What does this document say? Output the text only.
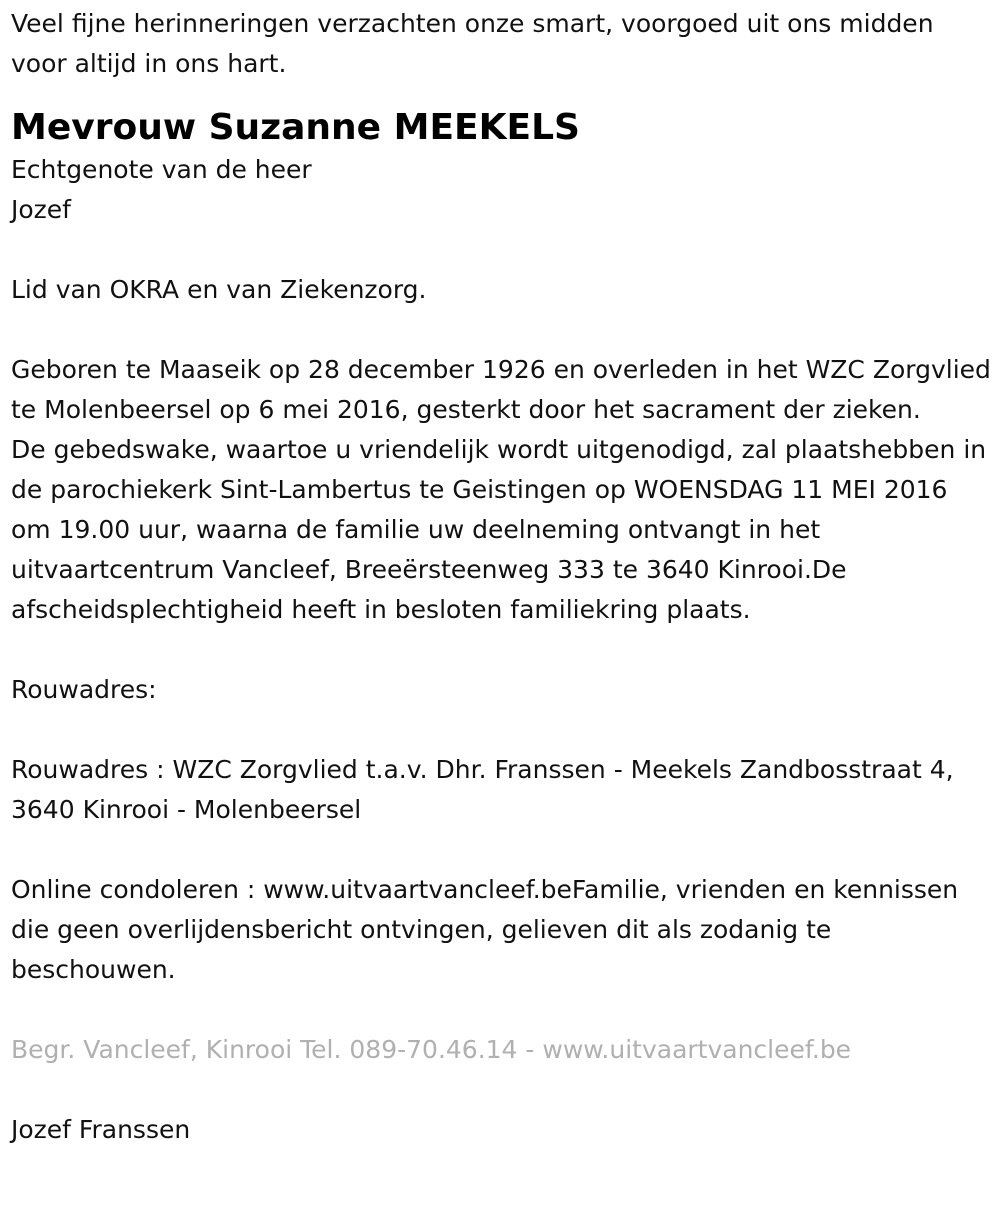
Veel fijne herinneringen verzachten onze smart, voorgoed uit ons midden voor altijd in ons hart.

Mevrouw Suzanne MEEKELS

Echtgenote van de heer

Jozef

Lid van OKRA en van Ziekenzorg.

Geboren te Maaseik op 28 december 1926 en overleden in het WZC Zorgvlied te Molenbeersel op 6 mei 2016, gesterkt door het sacrament der zieken.

De gebedswake, waartoe u vriendelijk wordt uitgenodigd, zal plaatshebben in de parochiekerk Sint-Lambertus te Geistingen op WOENSDAG 11 MEI 2016 om 19.00 uur, waarna de familie uw deelneming ontvangt in het uitvaartcentrum Vancleef, Breeërsteenweg 333 te 3640 Kinrooi.De afscheidsplechtigheid heeft in besloten familiekring plaats.

Rouwadres:

Rouwadres : WZC Zorgvlied t.a.v. Dhr. Franssen - Meekels Zandbosstraat 4, 3640 Kinrooi - Molenbeersel

Online condoleren : www.uitvaartvancleef.beFamilie, vrienden en kennissen die geen overlijdensbericht ontvingen, gelieven dit als zodanig te beschouwen.

Begr. Vancleef, Kinrooi Tel. 089-70.46.14 - www.uitvaartvancleef.be

Jozef Franssen
